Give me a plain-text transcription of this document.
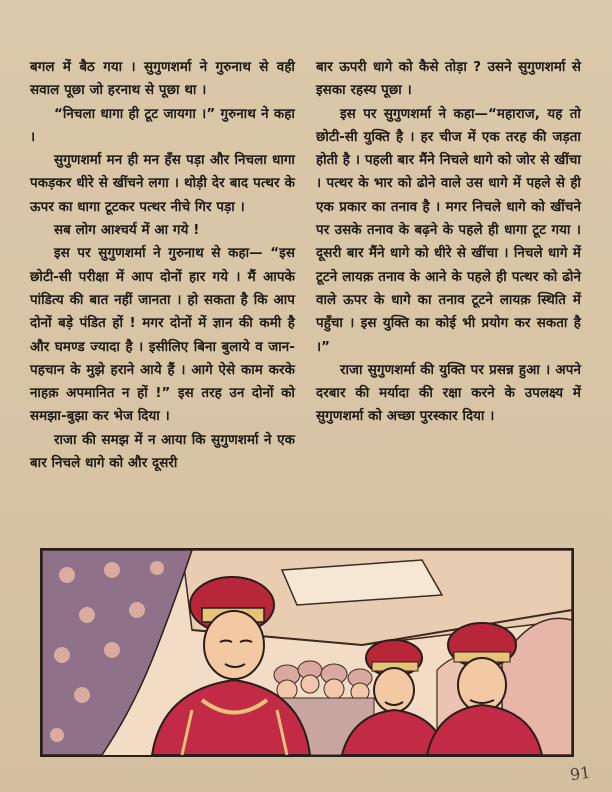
बगल में बैठ गया । सुगुणशर्मा ने गुरुनाथ से वही सवाल पूछा जो हरनाथ से पूछा था ।

“निचला धागा ही टूट जायगा ।” गुरुनाथ ने कहा ।

सुगुणशर्मा मन ही मन हँस पड़ा और निचला धागा पकड़कर धीरे से खींचने लगा । थोड़ी देर बाद पत्थर के ऊपर का धागा टूटकर पत्थर नीचे गिर पड़ा ।

सब लोग आश्चर्य में आ गये !

इस पर सुगुणशर्मा ने गुरुनाथ से कहा— “इस छोटी-सी परीक्षा में आप दोनों हार गये । मैं आपके पांडित्य की बात नहीं जानता । हो सकता है कि आप दोनों बड़े पंडित हों ! मगर दोनों में ज्ञान की कमी है और घमण्ड ज्यादा है । इसीलिए बिना बुलाये व जान-पहचान के मुझे हराने आये हैं । आगे ऐसे काम करके नाहक़ अपमानित न हों !” इस तरह उन दोनों को समझा-बुझा कर भेज दिया ।

राजा की समझ में न आया कि सुगुणशर्मा ने एक बार निचले धागे को और दूसरी

बार ऊपरी धागे को कैसे तोड़ा ? उसने सुगुणशर्मा से इसका रहस्य पूछा ।

इस पर सुगुणशर्मा ने कहा—“महाराज, यह तो छोटी-सी युक्ति है । हर चीज में एक तरह की जड़ता होती है । पहली बार मैंने निचले धागे को जोर से खींचा । पत्थर के भार को ढोने वाले उस धागे में पहले से ही एक प्रकार का तनाव है । मगर निचले धागे को खींचने पर उसके तनाव के बढ़ने के पहले ही धागा टूट गया । दूसरी बार मैंने धागे को धीरे से खींचा । निचले धागे में टूटने लायक़ तनाव के आने के पहले ही पत्थर को ढोने वाले ऊपर के धागे का तनाव टूटने लायक़ स्थिति में पहुँचा । इस युक्ति का कोई भी प्रयोग कर सकता है ।”

राजा सुगुणशर्मा की युक्ति पर प्रसन्न हुआ । अपने दरबार की मर्यादा की रक्षा करने के उपलक्ष्य में सुगुणशर्मा को अच्छा पुरस्कार दिया ।

91
